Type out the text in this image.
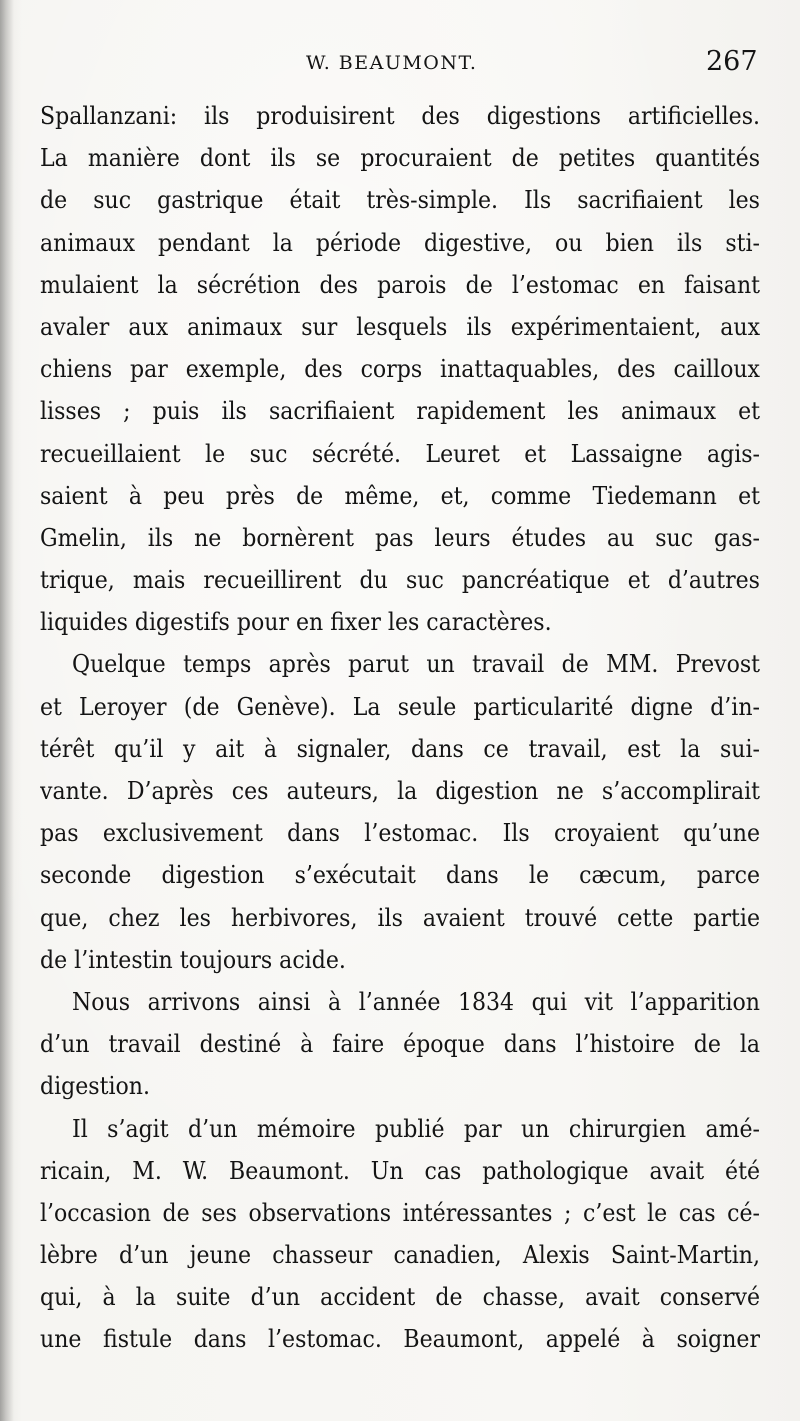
W. BEAUMONT.	267
Spallanzani: ils produisirent des digestions artificielles.
La manière dont ils se procuraient de petites quantités
de suc gastrique était très-simple. Ils sacrifiaient les
animaux pendant la période digestive, ou bien ils sti-
mulaient la sécrétion des parois de l’estomac en faisant
avaler aux animaux sur lesquels ils expérimentaient, aux
chiens par exemple, des corps inattaquables, des cailloux
lisses ; puis ils sacrifiaient rapidement les animaux et
recueillaient le suc sécrété. Leuret et Lassaigne agis-
saient à peu près de même, et, comme Tiedemann et
Gmelin, ils ne bornèrent pas leurs études au suc gas-
trique, mais recueillirent du suc pancréatique et d’autres
liquides digestifs pour en fixer les caractères.
Quelque temps après parut un travail de MM. Prevost
et Leroyer (de Genève). La seule particularité digne d’in-
térêt qu’il y ait à signaler, dans ce travail, est la sui-
vante. D’après ces auteurs, la digestion ne s’accomplirait
pas exclusivement dans l’estomac. Ils croyaient qu’une
seconde digestion s’exécutait dans le cæcum, parce
que, chez les herbivores, ils avaient trouvé cette partie
de l’intestin toujours acide.
Nous arrivons ainsi à l’année 1834 qui vit l’apparition
d’un travail destiné à faire époque dans l’histoire de la
digestion.
Il s’agit d’un mémoire publié par un chirurgien amé-
ricain, M. W. Beaumont. Un cas pathologique avait été
l’occasion de ses observations intéressantes ; c’est le cas cé-
lèbre d’un jeune chasseur canadien, Alexis Saint-Martin,
qui, à la suite d’un accident de chasse, avait conservé
une fistule dans l’estomac. Beaumont, appelé à soigner
